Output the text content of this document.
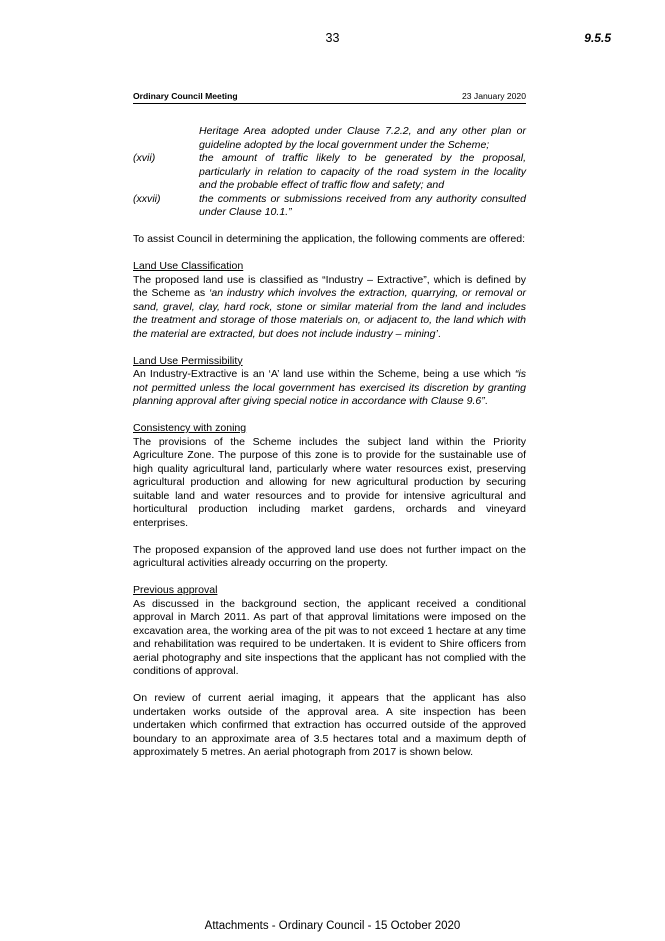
33	9.5.5
Ordinary Council Meeting	23 January 2020
Heritage Area adopted under Clause 7.2.2, and any other plan or guideline adopted by the local government under the Scheme;
(xvii)	the amount of traffic likely to be generated by the proposal, particularly in relation to capacity of the road system in the locality and the probable effect of traffic flow and safety; and
(xxvii)	the comments or submissions received from any authority consulted under Clause 10.1.”

To assist Council in determining the application, the following comments are offered:

Land Use Classification

The proposed land use is classified as “Industry – Extractive”, which is defined by the Scheme as ‘an industry which involves the extraction, quarrying, or removal or sand, gravel, clay, hard rock, stone or similar material from the land and includes the treatment and storage of those materials on, or adjacent to, the land which with the material are extracted, but does not include industry – mining’.

Land Use Permissibility

An Industry-Extractive is an ‘A’ land use within the Scheme, being a use which “is not permitted unless the local government has exercised its discretion by granting planning approval after giving special notice in accordance with Clause 9.6”.

Consistency with zoning

The provisions of the Scheme includes the subject land within the Priority Agriculture Zone. The purpose of this zone is to provide for the sustainable use of high quality agricultural land, particularly where water resources exist, preserving agricultural production and allowing for new agricultural production by securing suitable land and water resources and to provide for intensive agricultural and horticultural production including market gardens, orchards and vineyard enterprises.

The proposed expansion of the approved land use does not further impact on the agricultural activities already occurring on the property.

Previous approval

As discussed in the background section, the applicant received a conditional approval in March 2011. As part of that approval limitations were imposed on the excavation area, the working area of the pit was to not exceed 1 hectare at any time and rehabilitation was required to be undertaken. It is evident to Shire officers from aerial photography and site inspections that the applicant has not complied with the conditions of approval.

On review of current aerial imaging, it appears that the applicant has also undertaken works outside of the approval area. A site inspection has been undertaken which confirmed that extraction has occurred outside of the approved boundary to an approximate area of 3.5 hectares total and a maximum depth of approximately 5 metres. An aerial photograph from 2017 is shown below.

Attachments - Ordinary Council - 15 October 2020
